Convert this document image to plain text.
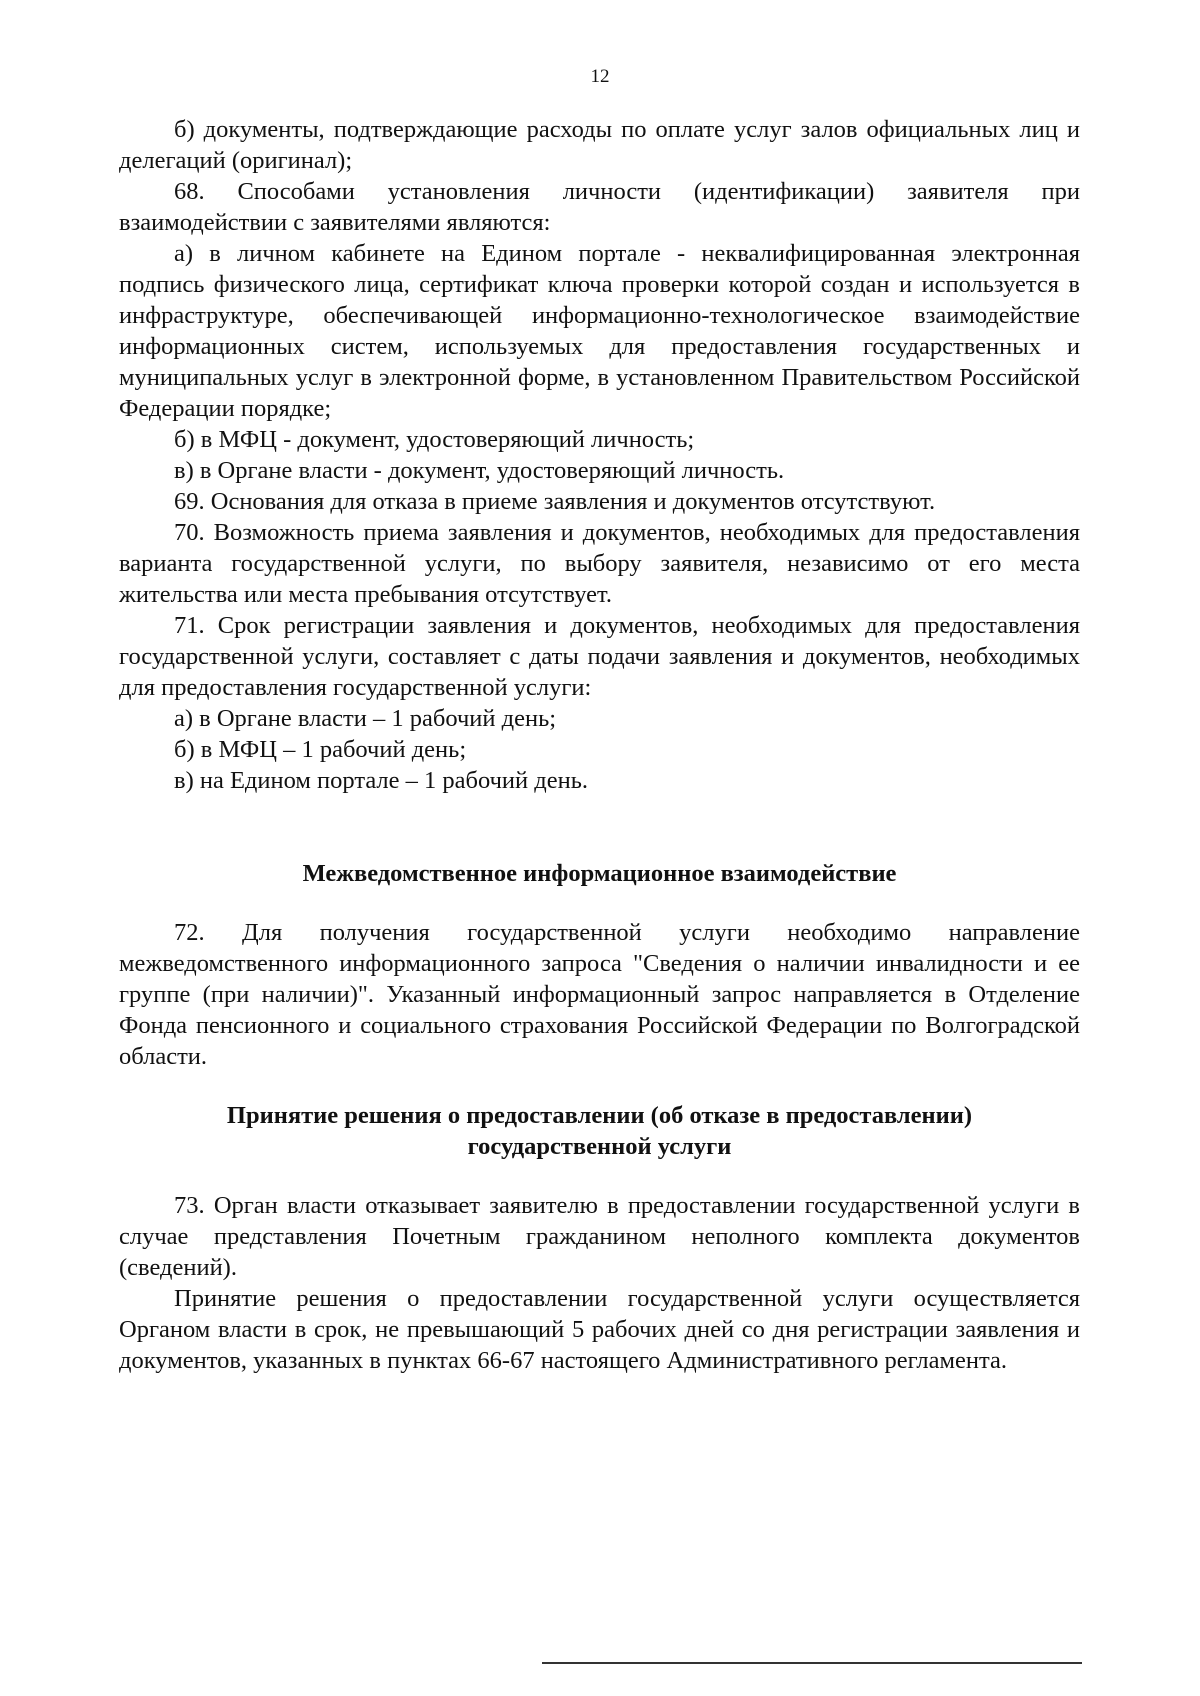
12

б) документы, подтверждающие расходы по оплате услуг залов официальных лиц и делегаций (оригинал);

68. Способами установления личности (идентификации) заявителя при взаимодействии с заявителями являются:

а) в личном кабинете на Едином портале - неквалифицированная электронная подпись физического лица, сертификат ключа проверки которой создан и используется в инфраструктуре, обеспечивающей информационно-технологическое взаимодействие информационных систем, используемых для предоставления государственных и муниципальных услуг в электронной форме, в установленном Правительством Российской Федерации порядке;

б) в МФЦ - документ, удостоверяющий личность;

в) в Органе власти - документ, удостоверяющий личность.

69. Основания для отказа в приеме заявления и документов отсутствуют.

70. Возможность приема заявления и документов, необходимых для предоставления варианта государственной услуги, по выбору заявителя, независимо от его места жительства или места пребывания отсутствует.

71. Срок регистрации заявления и документов, необходимых для предоставления государственной услуги, составляет с даты подачи заявления и документов, необходимых для предоставления государственной услуги:

а) в Органе власти – 1 рабочий день;

б) в МФЦ – 1 рабочий день;

в) на Едином портале – 1 рабочий день.

Межведомственное информационное взаимодействие

72. Для получения государственной услуги необходимо направление межведомственного информационного запроса "Сведения о наличии инвалидности и ее группе (при наличии)". Указанный информационный запрос направляется в Отделение Фонда пенсионного и социального страхования Российской Федерации по Волгоградской области.

Принятие решения о предоставлении (об отказе в предоставлении)
государственной услуги

73. Орган власти отказывает заявителю в предоставлении государственной услуги в случае представления Почетным гражданином неполного комплекта документов (сведений).

Принятие решения о предоставлении государственной услуги осуществляется Органом власти в срок, не превышающий 5 рабочих дней со дня регистрации заявления и документов, указанных в пунктах 66-67 настоящего Административного регламента.
